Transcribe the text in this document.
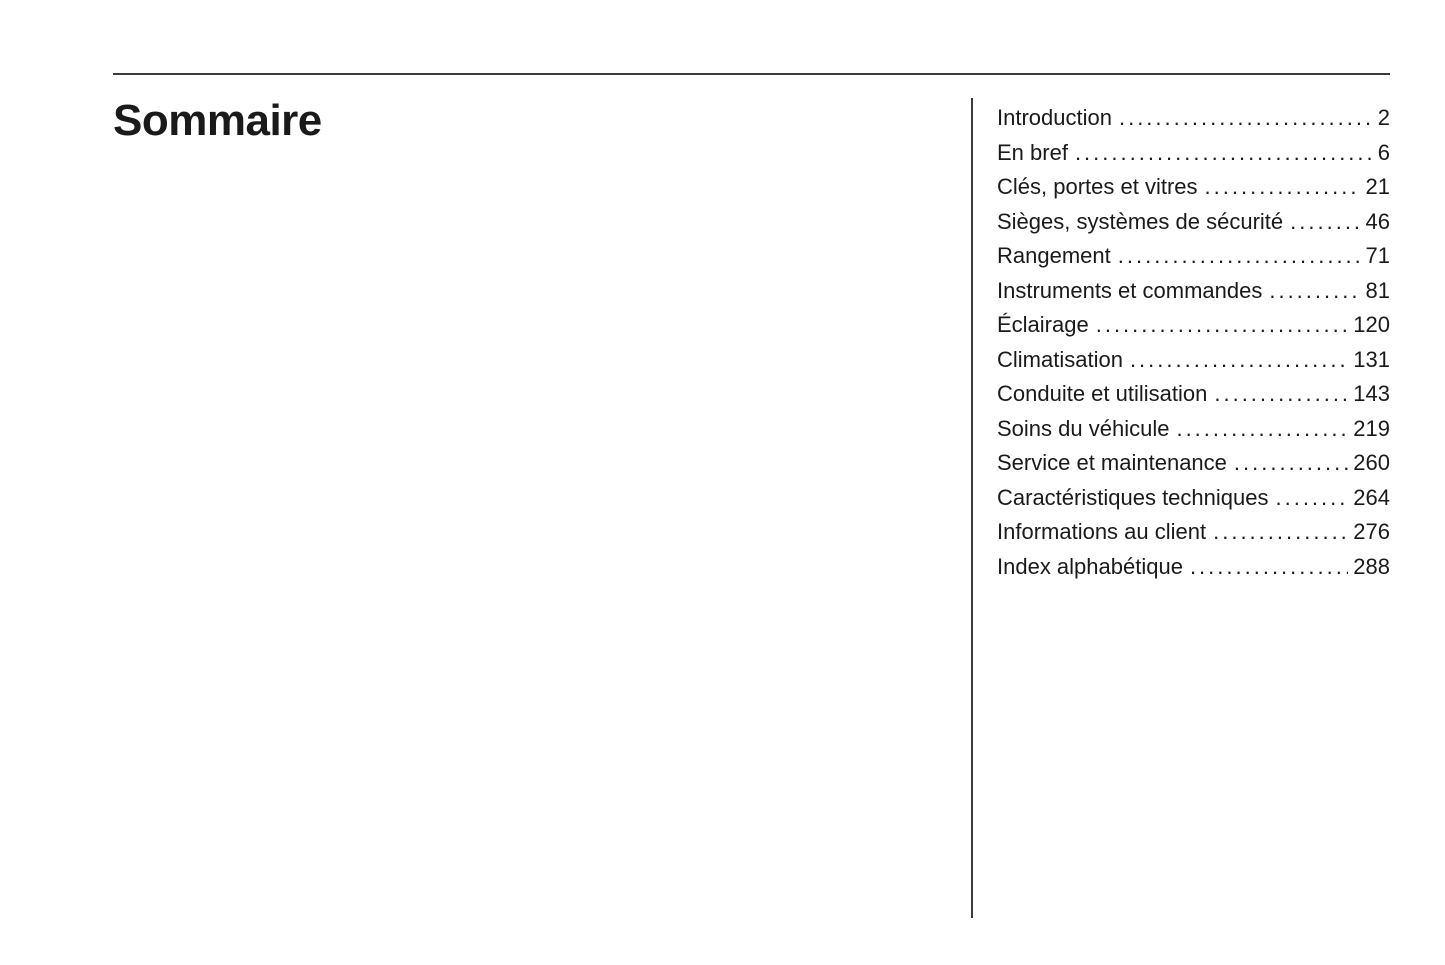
Sommaire	Introduction .....	2
En bref .....	6
Clés, portes et vitres .....	21
Sièges, systèmes de sécurité .....	46
Rangement .....	71
Instruments et commandes .....	81
Éclairage .....	120
Climatisation .....	131
Conduite et utilisation .....	143
Soins du véhicule .....	219
Service et maintenance .....	260
Caractéristiques techniques .....	264
Informations au client .....	276
Index alphabétique .....	288
